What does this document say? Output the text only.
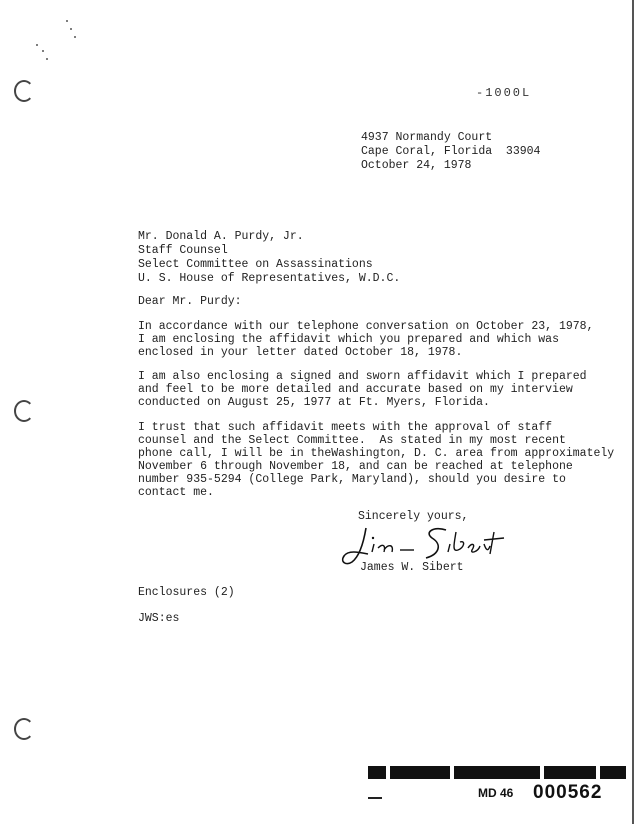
-1000L
4937 Normandy Court
Cape Coral, Florida  33904
October 24, 1978
Mr. Donald A. Purdy, Jr.
Staff Counsel
Select Committee on Assassinations
U. S. House of Representatives, W.D.C.
Dear Mr. Purdy:
In accordance with our telephone conversation on October 23, 1978,
I am enclosing the affidavit which you prepared and which was
enclosed in your letter dated October 18, 1978.
I am also enclosing a signed and sworn affidavit which I prepared
and feel to be more detailed and accurate based on my interview
conducted on August 25, 1977 at Ft. Myers, Florida.
I trust that such affidavit meets with the approval of staff
counsel and the Select Committee.  As stated in my most recent
phone call, I will be in theWashington, D. C. area from approximately
November 6 through November 18, and can be reached at telephone
number 935-5294 (College Park, Maryland), should you desire to
contact me.
Sincerely yours,
James W. Sibert
Enclosures (2)
JWS:es
MD 46 000562
